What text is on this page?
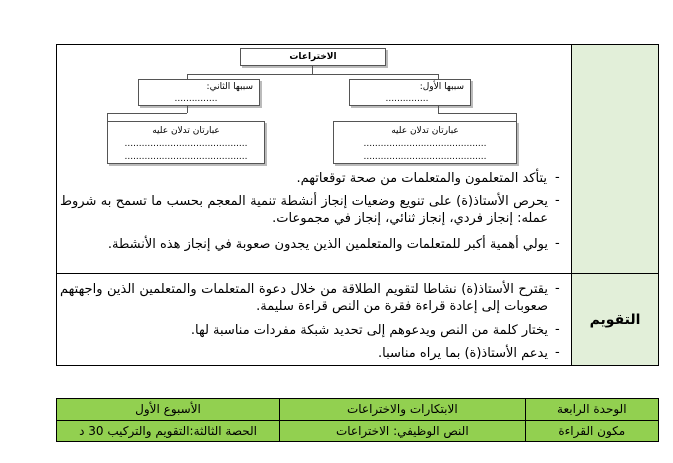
التقويم
الاختراعات
سببها الثاني:
...............
سببها الأول:
...............
عبارتان تدلان عليه
...........................................
...........................................
عبارتان تدلان عليه
...........................................
...........................................
-
يتأكد المتعلمون والمتعلمات من صحة توقعاتهم.
-
يحرص الأستاذ(ة) على تنويع وضعيات إنجاز أنشطة تنمية المعجم بحسب ما تسمح به شروط عمله: إنجاز فردي، إنجاز ثنائي، إنجاز في مجموعات.
-
يولي أهمية أكبر للمتعلمات والمتعلمين الذين يجدون صعوبة في إنجاز هذه الأنشطة.
-
يقترح الأستاذ(ة) نشاطا لتقويم الطلاقة من خلال دعوة المتعلمات والمتعلمين الذين واجهتهم صعوبات إلى إعادة قراءة فقرة من النص قراءة سليمة.
-
يختار كلمة من النص ويدعوهم إلى تحديد شبكة مفردات مناسبة لها.
-
يدعم الأستاذ(ة) بما يراه مناسبا.
الأسبوع الأول	الابتكارات والاختراعات	الوحدة الرابعة
الحصة الثالثة:التقويم والتركيب 30 د	النص الوظيفي: الاختراعات	مكون القراءة
